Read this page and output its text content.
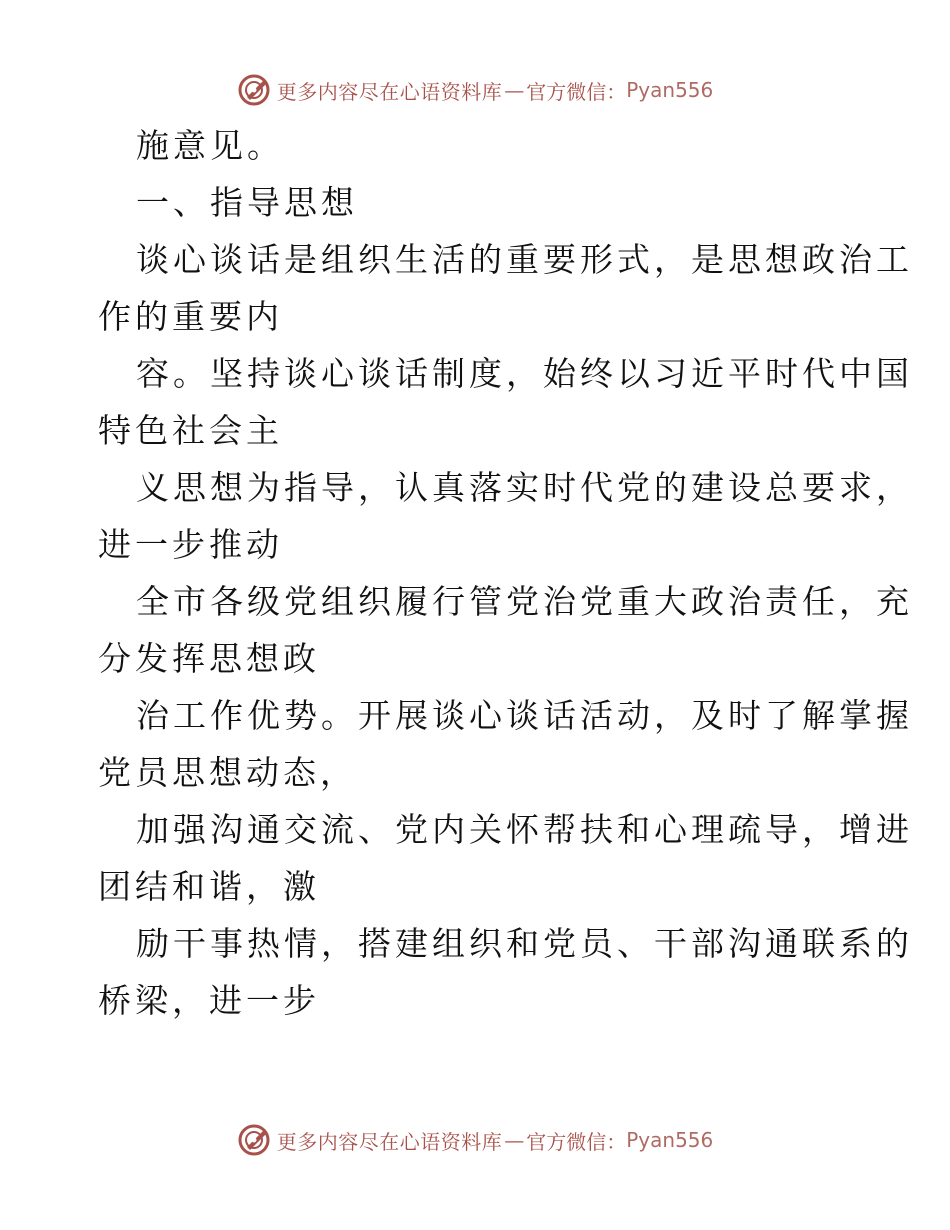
更多内容尽在心语资料库 — 官方微信： Pyan556
施意见。
一、指导思想
谈心谈话是组织生活的重要形式，是思想政治工
作的重要内
容。坚持谈心谈话制度，始终以习近平时代中国
特色社会主
义思想为指导，认真落实时代党的建设总要求，
进一步推动
全市各级党组织履行管党治党重大政治责任，充
分发挥思想政
治工作优势。开展谈心谈话活动，及时了解掌握
党员思想动态，
加强沟通交流、党内关怀帮扶和心理疏导，增进
团结和谐，激
励干事热情，搭建组织和党员、干部沟通联系的
桥梁，进一步
更多内容尽在心语资料库 — 官方微信： Pyan556
